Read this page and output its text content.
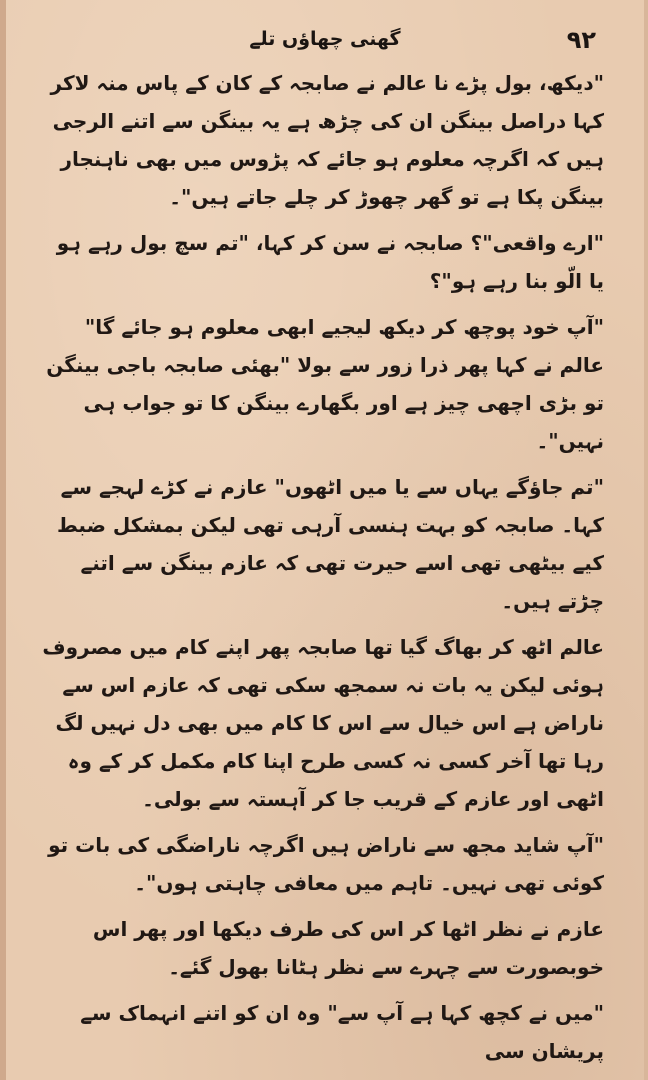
۹۲
گھنی چھاؤں تلے

"دیکھ، بول پڑے نا عالم نے صابجہ کے کان کے پاس منہ لاکر کہا دراصل بینگن ان کی چڑھ ہے یہ بینگن سے اتنے الرجی ہیں کہ اگرچہ معلوم ہو جائے کہ پڑوس میں بھی ناہنجار بینگن پکا ہے تو گھر چھوڑ کر چلے جاتے ہیں"۔

"ارے واقعی"؟ صابجہ نے سن کر کہا، "تم سچ بول رہے ہو یا الّو بنا رہے ہو"؟

"آپ خود پوچھ کر دیکھ لیجیے ابھی معلوم ہو جائے گا" عالم نے کہا پھر ذرا زور سے بولا "بھئی صابجہ باجی بینگن تو بڑی اچھی چیز ہے اور بگھارے بینگن کا تو جواب ہی نہیں"۔

"تم جاؤگے یہاں سے یا میں اٹھوں" عازم نے کڑے لہجے سے کہا۔ صابجہ کو بہت ہنسی آرہی تھی لیکن بمشکل ضبط کیے بیٹھی تھی اسے حیرت تھی کہ عازم بینگن سے اتنے چڑتے ہیں۔

عالم اٹھ کر بھاگ گیا تھا صابجہ پھر اپنے کام میں مصروف ہوئی لیکن یہ بات نہ سمجھ سکی تھی کہ عازم اس سے ناراض ہے اس خیال سے اس کا کام میں بھی دل نہیں لگ رہا تھا آخر کسی نہ کسی طرح اپنا کام مکمل کر کے وہ اٹھی اور عازم کے قریب جا کر آہستہ سے بولی۔

"آپ شاید مجھ سے ناراض ہیں اگرچہ ناراضگی کی بات تو کوئی تھی نہیں۔ تاہم میں معافی چاہتی ہوں"۔

عازم نے نظر اٹھا کر اس کی طرف دیکھا اور پھر اس خوبصورت سے چہرے سے نظر ہٹانا بھول گئے۔

"میں نے کچھ کہا ہے آپ سے" وہ ان کو اتنے انہماک سے پریشان سی
